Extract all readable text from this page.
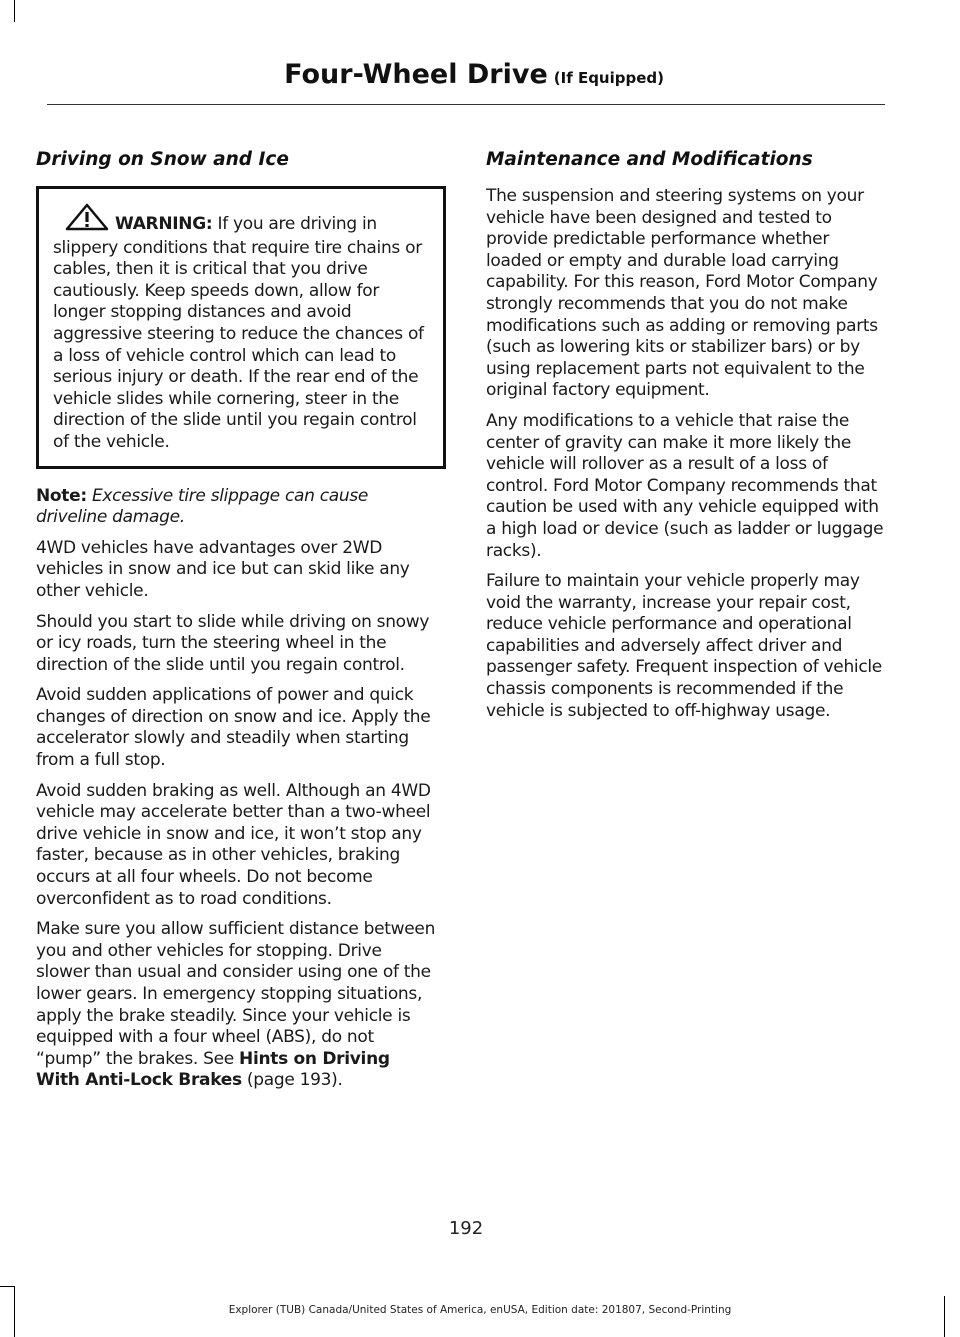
Four-Wheel Drive (If Equipped)
Driving on Snow and Ice

WARNING: If you are driving in slippery conditions that require tire chains or cables, then it is critical that you drive cautiously. Keep speeds down, allow for longer stopping distances and avoid aggressive steering to reduce the chances of a loss of vehicle control which can lead to serious injury or death. If the rear end of the vehicle slides while cornering, steer in the direction of the slide until you regain control of the vehicle.

Note: Excessive tire slippage can cause driveline damage.

4WD vehicles have advantages over 2WD vehicles in snow and ice but can skid like any other vehicle.

Should you start to slide while driving on snowy or icy roads, turn the steering wheel in the direction of the slide until you regain control.

Avoid sudden applications of power and quick changes of direction on snow and ice. Apply the accelerator slowly and steadily when starting from a full stop.

Avoid sudden braking as well. Although an 4WD vehicle may accelerate better than a two-wheel drive vehicle in snow and ice, it won’t stop any faster, because as in other vehicles, braking occurs at all four wheels. Do not become overconfident as to road conditions.

Make sure you allow sufficient distance between you and other vehicles for stopping. Drive slower than usual and consider using one of the lower gears. In emergency stopping situations, apply the brake steadily. Since your vehicle is equipped with a four wheel (ABS), do not “pump” the brakes. See Hints on Driving With Anti-Lock Brakes (page 193).

Maintenance and Modifications

The suspension and steering systems on your vehicle have been designed and tested to provide predictable performance whether loaded or empty and durable load carrying capability. For this reason, Ford Motor Company strongly recommends that you do not make modifications such as adding or removing parts (such as lowering kits or stabilizer bars) or by using replacement parts not equivalent to the original factory equipment.

Any modifications to a vehicle that raise the center of gravity can make it more likely the vehicle will rollover as a result of a loss of control. Ford Motor Company recommends that caution be used with any vehicle equipped with a high load or device (such as ladder or luggage racks).

Failure to maintain your vehicle properly may void the warranty, increase your repair cost, reduce vehicle performance and operational capabilities and adversely affect driver and passenger safety. Frequent inspection of vehicle chassis components is recommended if the vehicle is subjected to off-highway usage.

192
Explorer (TUB) Canada/United States of America, enUSA, Edition date: 201807, Second-Printing
